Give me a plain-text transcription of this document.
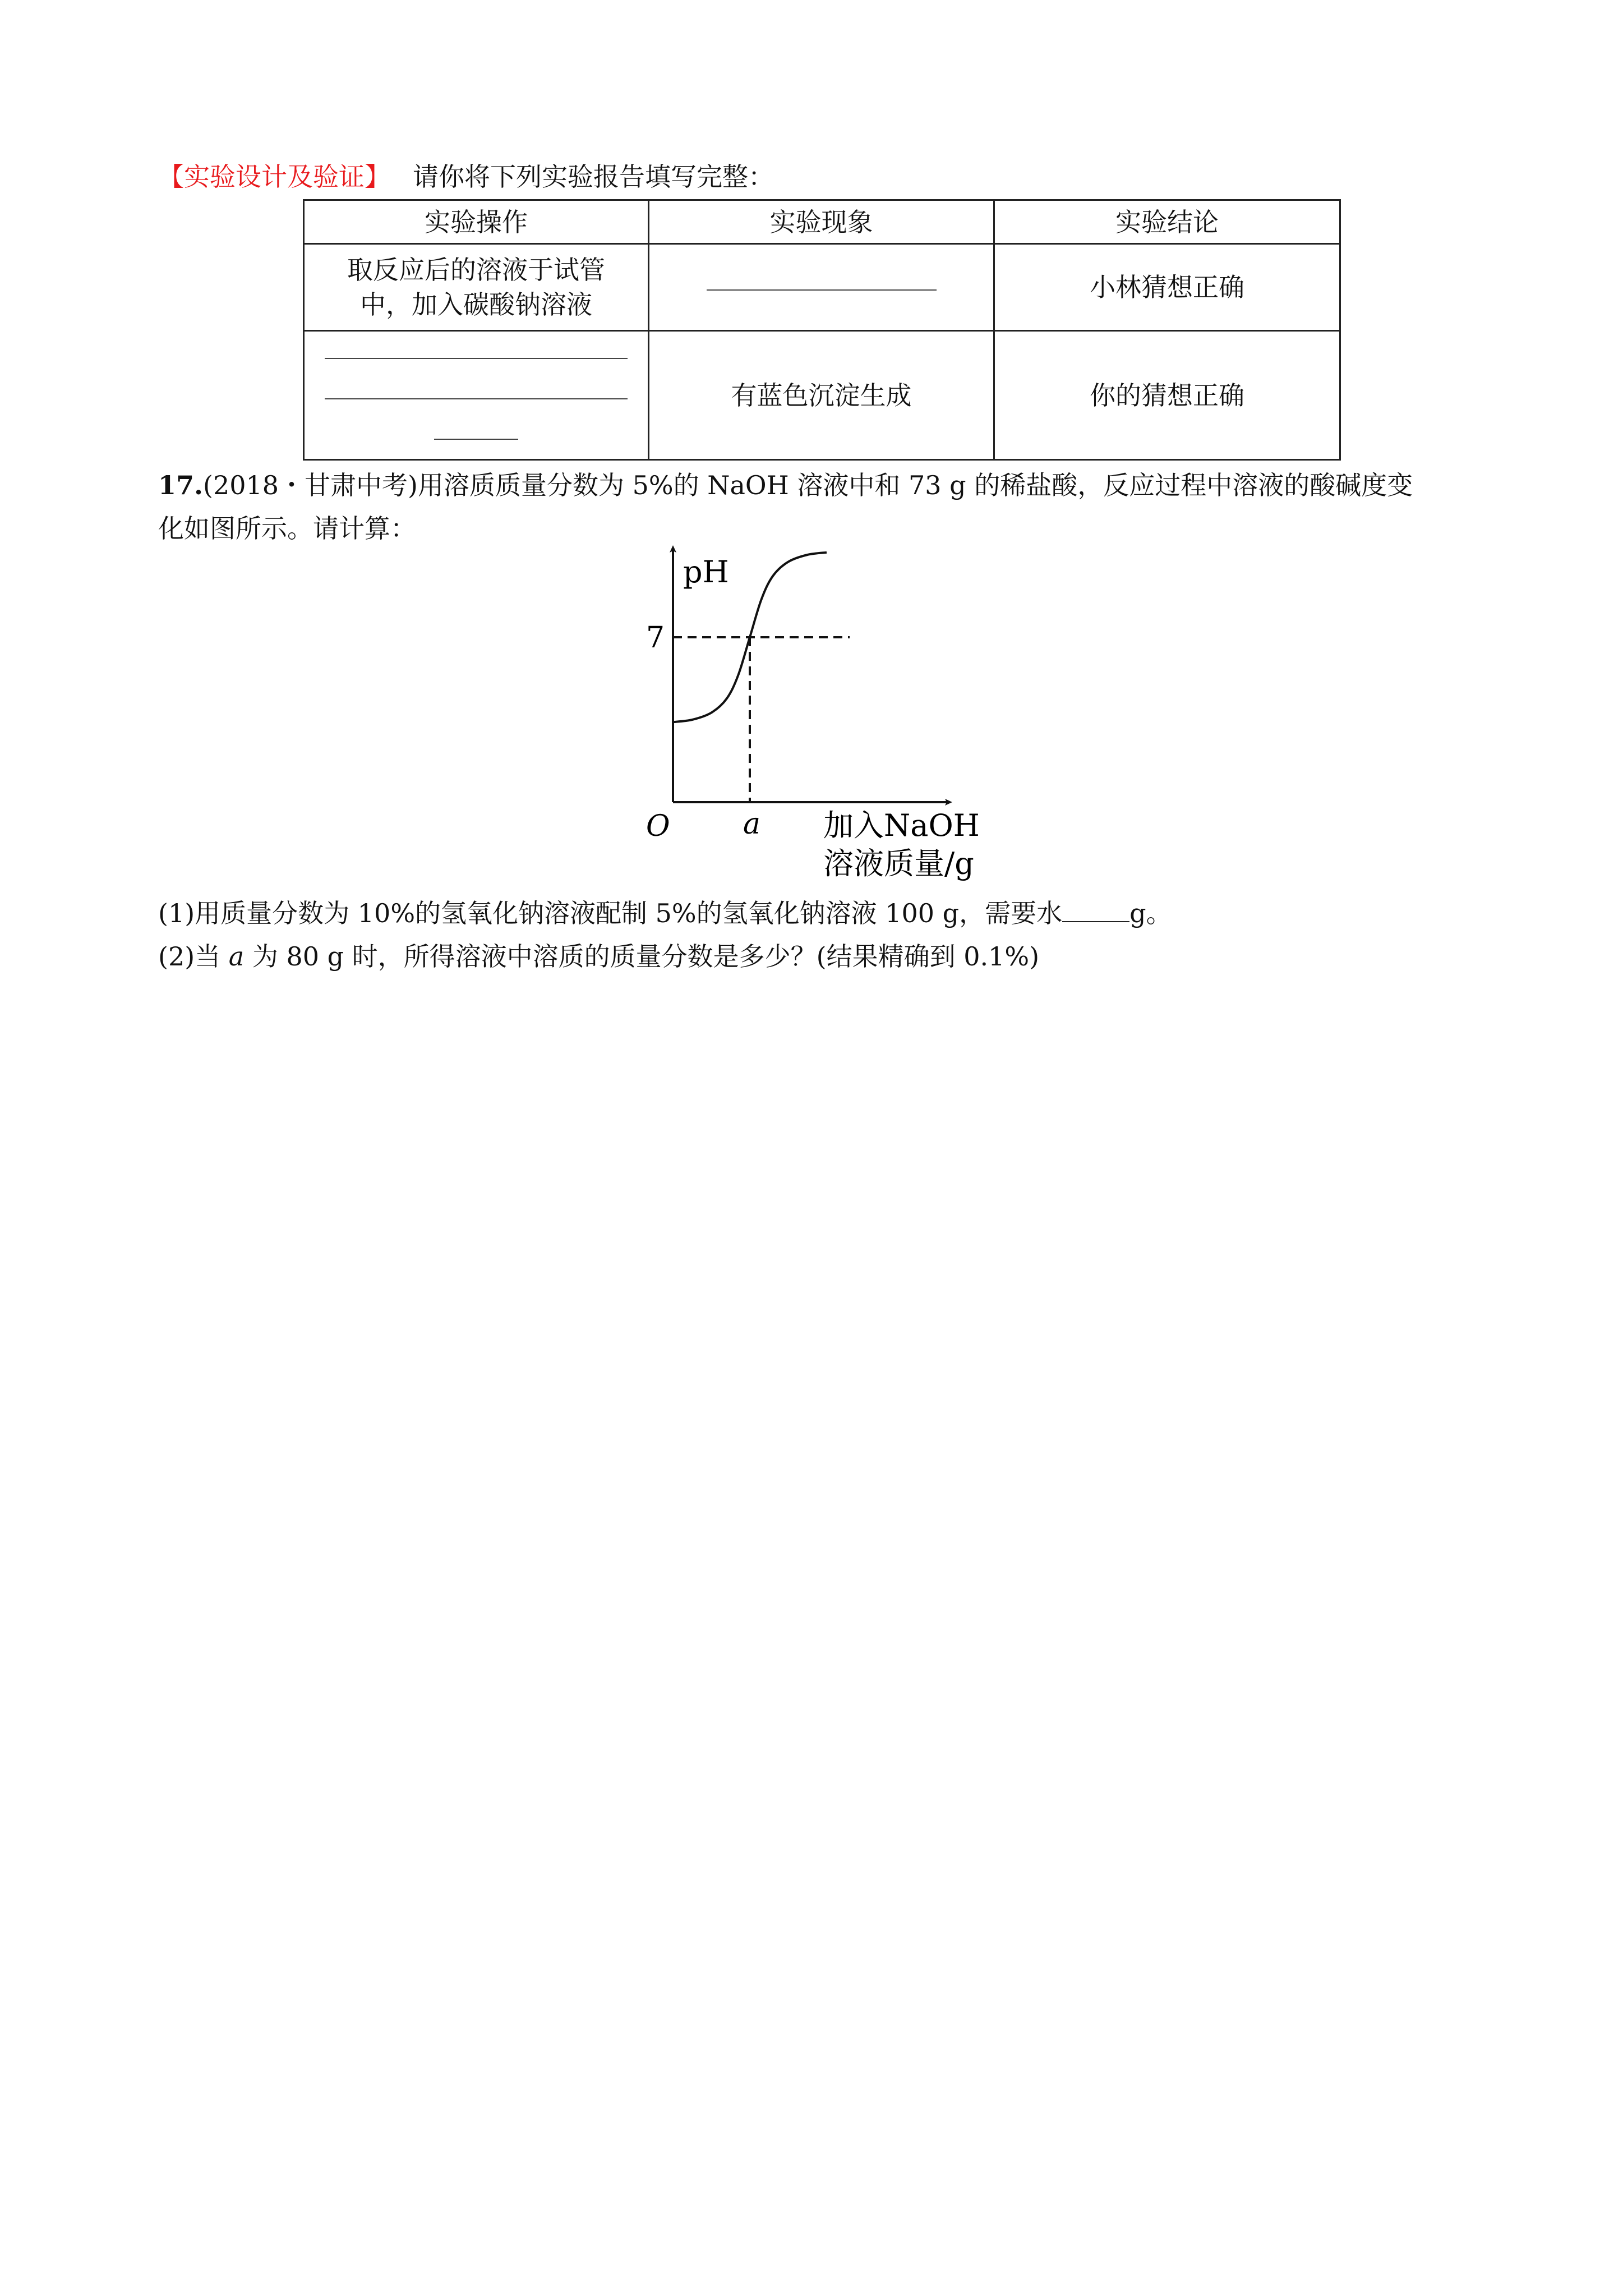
【实验设计及验证】 请你将下列实验报告填写完整：
实验操作	实验现象	实验结论

取反应后的溶液于试管
中，加入碳酸钠溶液		小林猜想正确

	有蓝色沉淀生成	你的猜想正确
17.(2018・甘肃中考)用溶质质量分数为 5%的 NaOH 溶液中和 73 g 的稀盐酸，反应过程中溶液的酸碱度变
化如图所示。请计算：
pH
O	加入NaOH
溶液质量/g
7
a
(1)用质量分数为 10%的氢氧化钠溶液配制 5%的氢氧化钠溶液 100 g，需要水	g。
(2)当 a 为 80 g 时，所得溶液中溶质的质量分数是多少？(结果精确到 0.1%)
